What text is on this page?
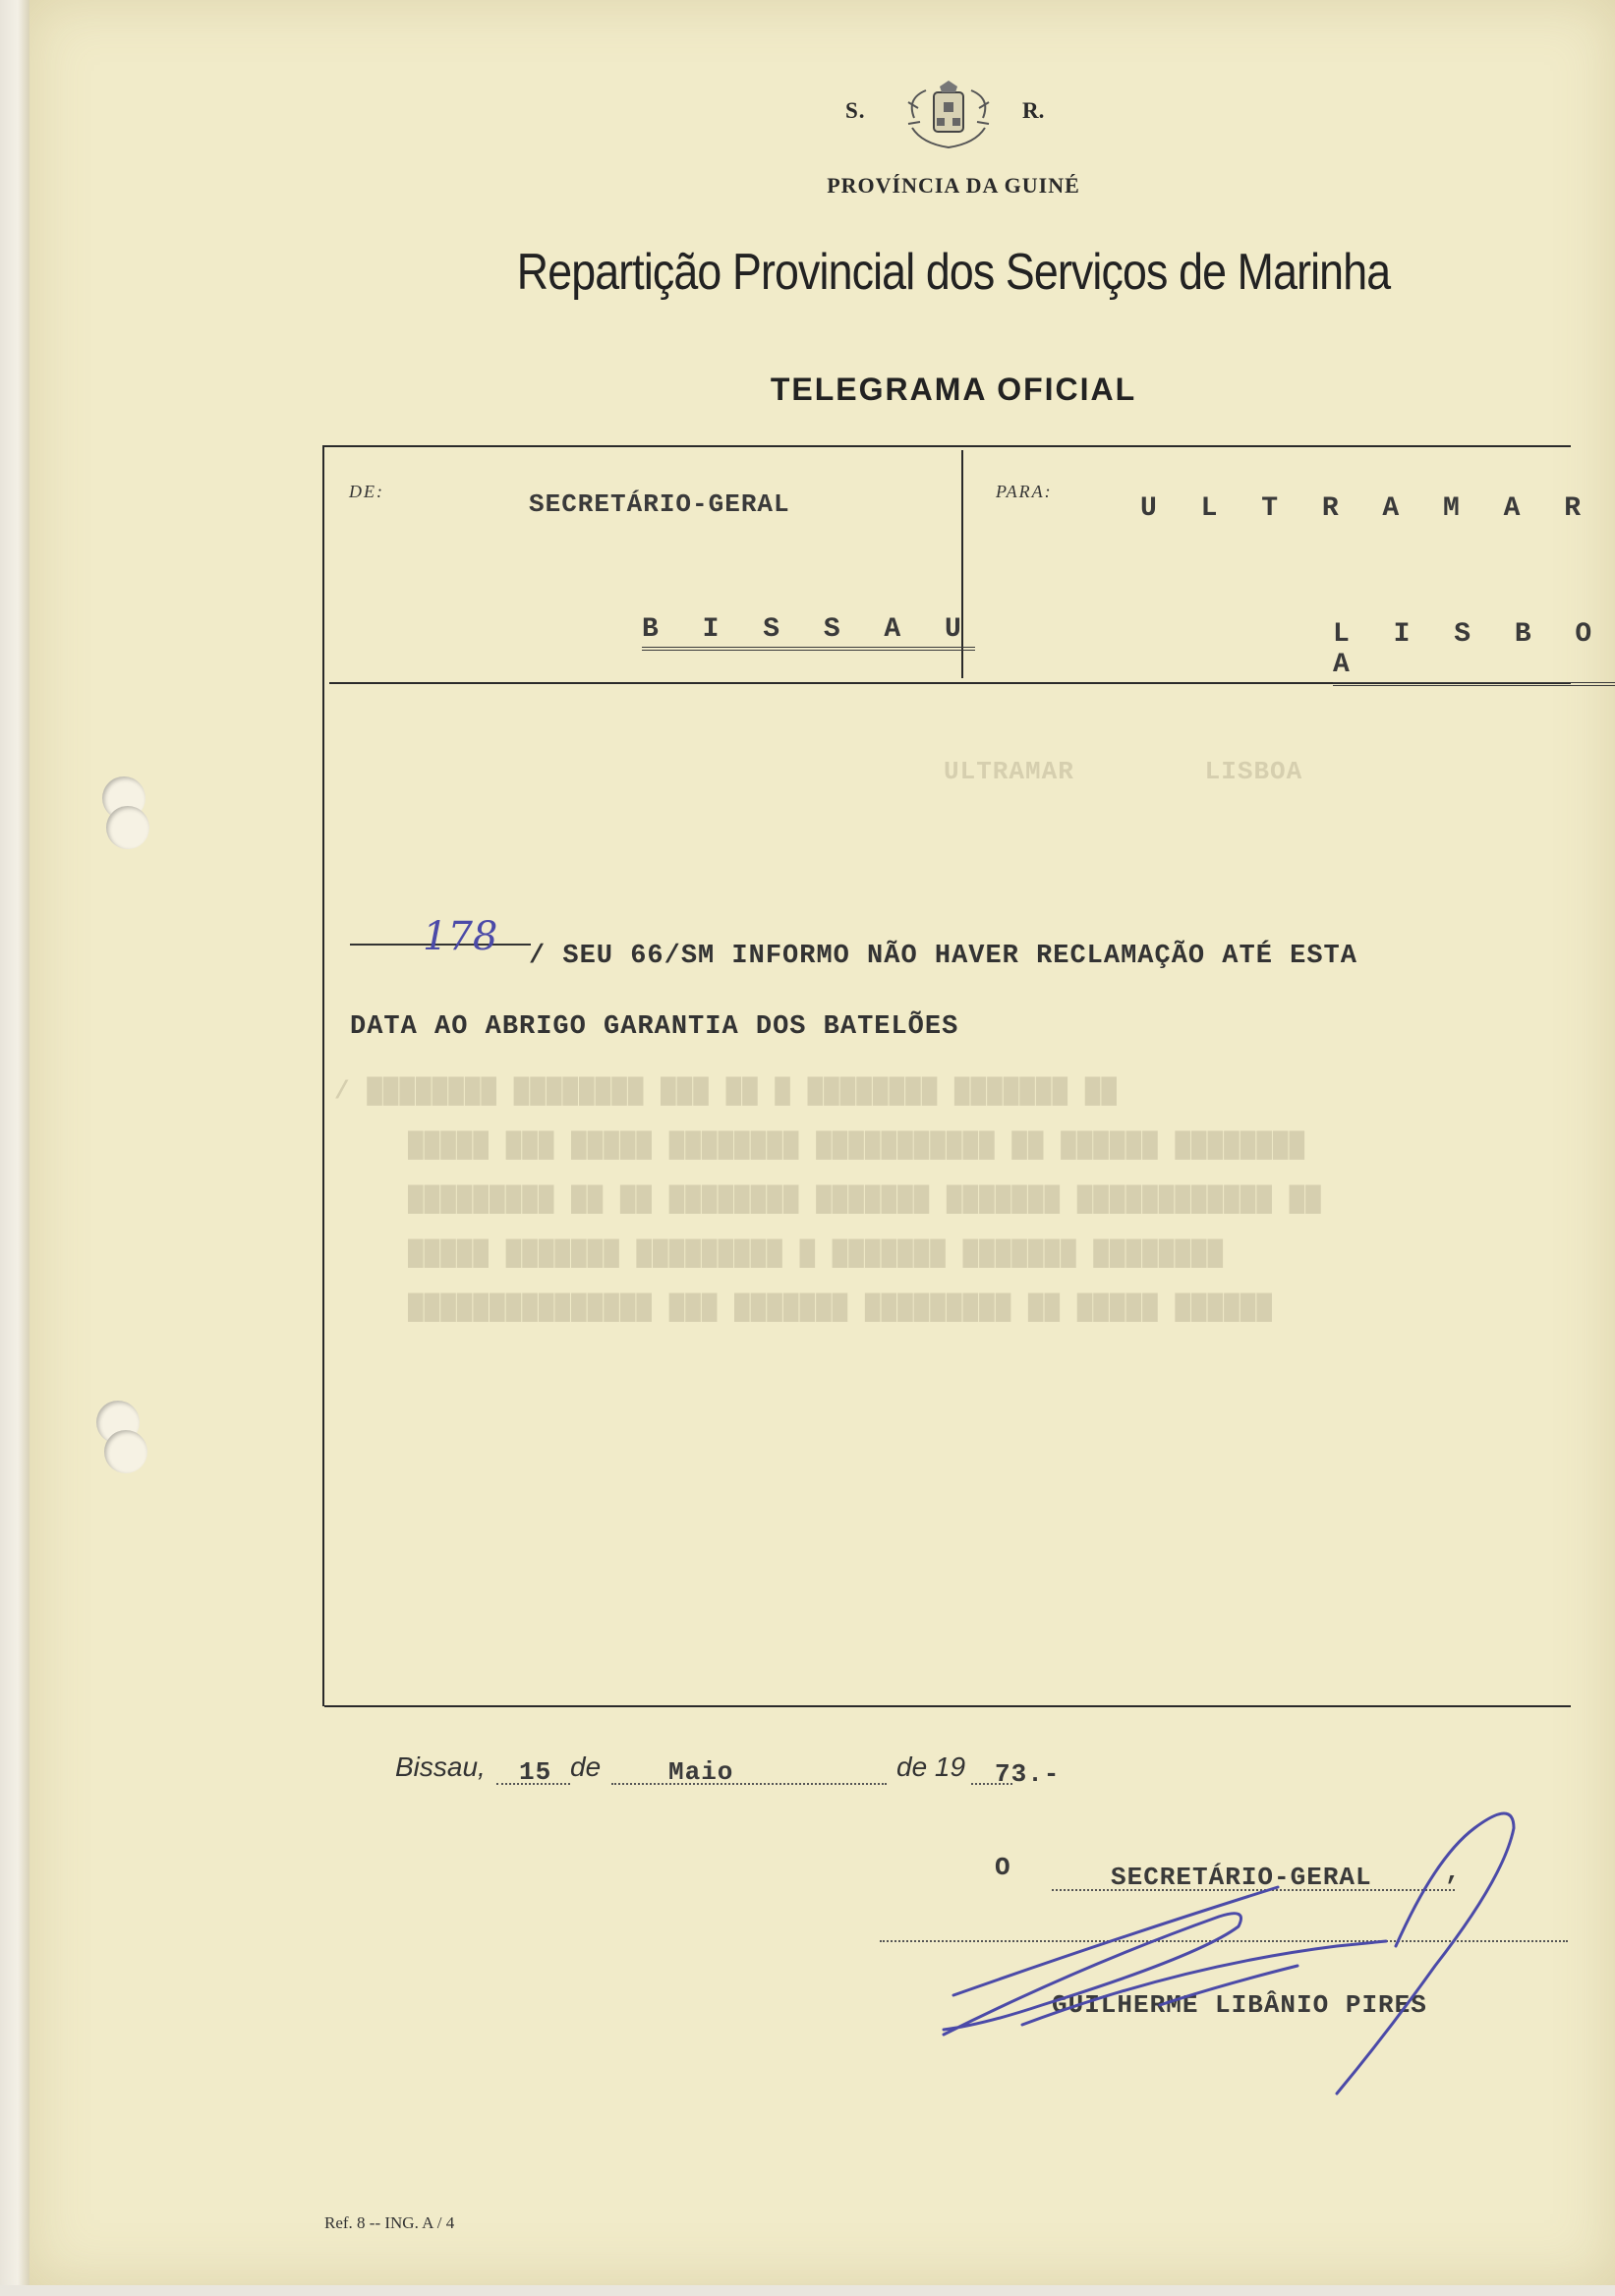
S.	R.
PROVÍNCIA DA GUINÉ
Repartição Provincial dos Serviços de Marinha
TELEGRAMA OFICIAL
DE:	SECRETÁRIO-GERAL
B I S S A U
PARA:
U L T R A M A R
L I S B O A
ULTRAMAR        LISBOA
/ ████████ ████████ ███ ██ █ ████████ ███████ ██
█████ ███ █████ ████████ ███████████ ██ ██████ ████████
█████████ ██ ██ ████████ ███████ ███████ ████████████ ██
█████ ███████ █████████ █ ███████ ███████ ████████
███████████████ ███ ███████ █████████ ██ █████ ██████
178 / SEU 66/SM INFORMO NÃO HAVER RECLAMAÇÃO ATÉ ESTA
DATA AO ABRIGO GARANTIA DOS BATELÕES
Bissau, 15 de	Maio	de 19 73.-
O	SECRETÁRIO-GERAL	,
GUILHERME LIBÂNIO PIRES
Ref. 8 -- ING. A / 4
